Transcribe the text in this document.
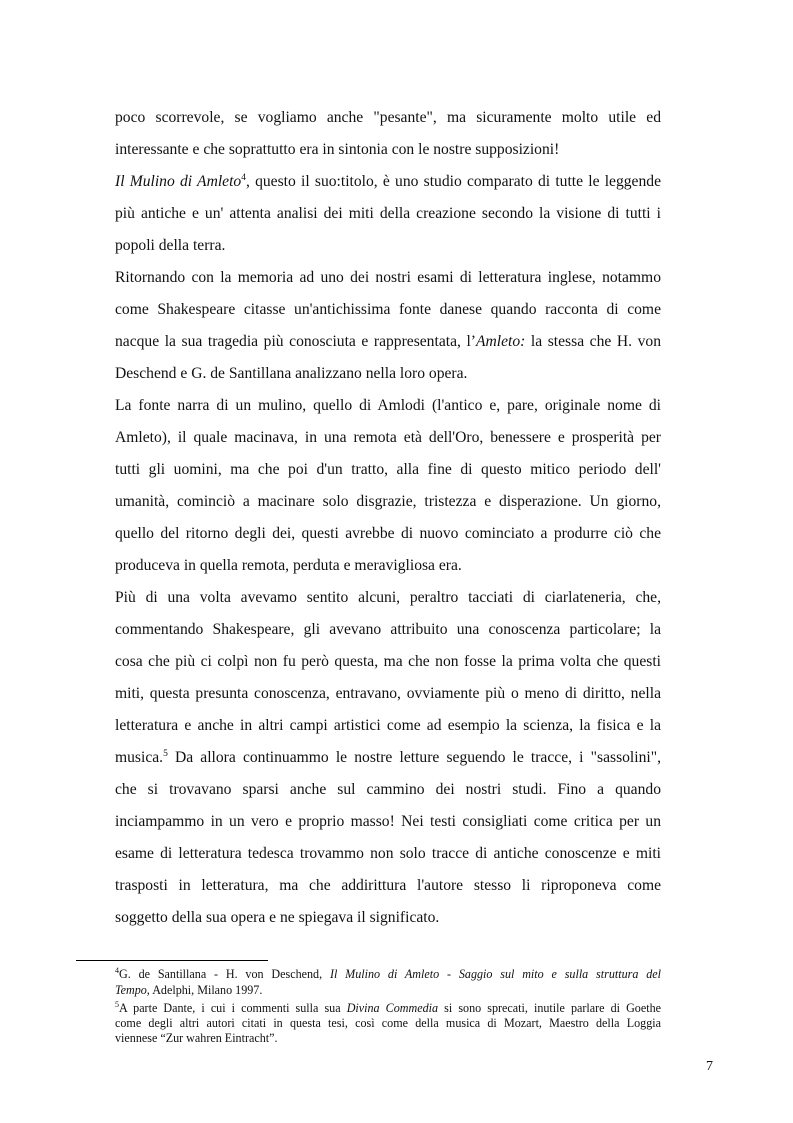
poco scorrevole, se vogliamo anche "pesante", ma sicuramente molto utile ed
interessante e che soprattutto era in sintonia con le nostre supposizioni!
Il Mulino di Amleto$^4$, questo il suo:titolo, è uno studio comparato di tutte le leggende
più antiche e un' attenta analisi dei miti della creazione secondo la visione di tutti i
popoli della terra.
Ritornando con la memoria ad uno dei nostri esami di letteratura inglese, notammo
come Shakespeare citasse un'antichissima fonte danese quando racconta di come
nacque la sua tragedia più conosciuta e rappresentata, l’Amleto: la stessa che H. von
Deschend e G. de Santillana analizzano nella loro opera.
La fonte narra di un mulino, quello di Amlodi (l'antico e, pare, originale nome di
Amleto), il quale macinava, in una remota età dell'Oro, benessere e prosperità per
tutti gli uomini, ma che poi d'un tratto, alla fine di questo mitico periodo dell'
umanità, cominciò a macinare solo disgrazie, tristezza e disperazione. Un giorno,
quello del ritorno degli dei, questi avrebbe di nuovo cominciato a produrre ciò che
produceva in quella remota, perduta e meravigliosa era.
Più di una volta avevamo sentito alcuni, peraltro tacciati di ciarlateneria, che,
commentando Shakespeare, gli avevano attribuito una conoscenza particolare; la
cosa che più ci colpì non fu però questa, ma che non fosse la prima volta che questi
miti, questa presunta conoscenza, entravano, ovviamente più o meno di diritto, nella
letteratura e anche in altri campi artistici come ad esempio la scienza, la fisica e la
musica.$^5$ Da allora continuammo le nostre letture seguendo le tracce, i "sassolini",
che si trovavano sparsi anche sul cammino dei nostri studi. Fino a quando
inciampammo in un vero e proprio masso! Nei testi consigliati come critica per un
esame di letteratura tedesca trovammo non solo tracce di antiche conoscenze e miti
trasposti in letteratura, ma che addirittura l'autore stesso li riproponeva come
soggetto della sua opera e ne spiegava il significato.
$^4$G. de Santillana - H. von Deschend, Il Mulino di Amleto - Saggio sul mito e sulla struttura del
Tempo, Adelphi, Milano 1997.
$^5$A parte Dante, i cui i commenti sulla sua Divina Commedia si sono sprecati, inutile parlare di Goethe
come degli altri autori citati in questa tesi, così come della musica di Mozart, Maestro della Loggia
viennese “Zur wahren Eintracht”.
7
